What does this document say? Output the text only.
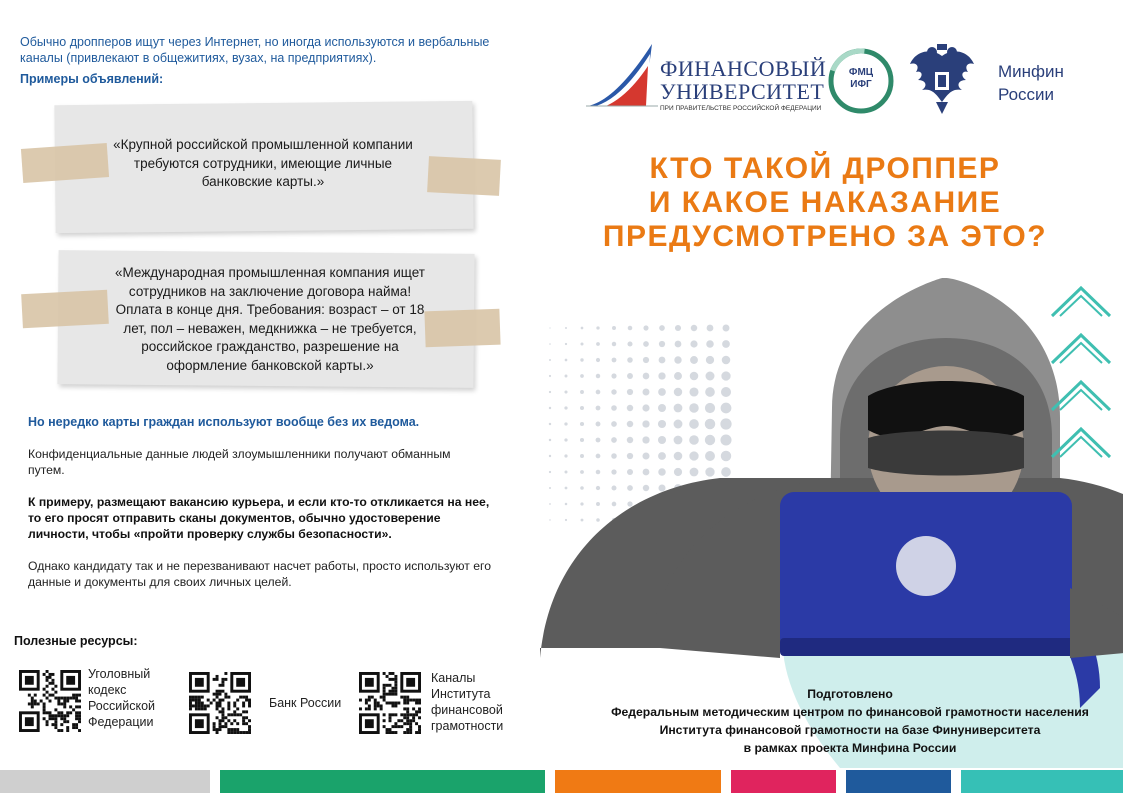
Обычно дропперов ищут через Интернет, но иногда используются и вербальные каналы (привлекают в общежитиях, вузах, на предприятиях).
Примеры объявлений:
«Крупной российской промышленной компании
требуются сотрудники, имеющие личные
банковские карты.»
«Международная промышленная компания ищет
сотрудников на заключение договора найма!
Оплата в конце дня. Требования: возраст – от 18
лет, пол – неважен, медкнижка – не требуется,
российское гражданство, разрешение на
оформление банковской карты.»
Но нередко карты граждан используют вообще без их ведома.
Конфиденциальные данные людей злоумышленники получают обманным путем.
К примеру, размещают вакансию курьера, и если кто-то откликается на нее, то его просят отправить сканы документов, обычно удостоверение личности, чтобы «пройти проверку службы безопасности».
Однако кандидату так и не перезванивают насчет работы, просто используют его данные и документы для своих личных целей.
Полезные ресурсы:
Уголовный
кодекс
Российской
Федерации
Банк России
Каналы
Института
финансовой
грамотности
ФИНАНСОВЫЙ
УНИВЕРСИТЕТ
ПРИ ПРАВИТЕЛЬСТВЕ РОССИЙСКОЙ ФЕДЕРАЦИИ
ФМЦ
ИФГ
Минфин
России
КТО ТАКОЙ ДРОППЕР
И КАКОЕ НАКАЗАНИЕ
ПРЕДУСМОТРЕНО ЗА ЭТО?
Подготовлено
Федеральным методическим центром по финансовой грамотности населения
Института финансовой грамотности на базе Финуниверситета
в рамках проекта Минфина России
